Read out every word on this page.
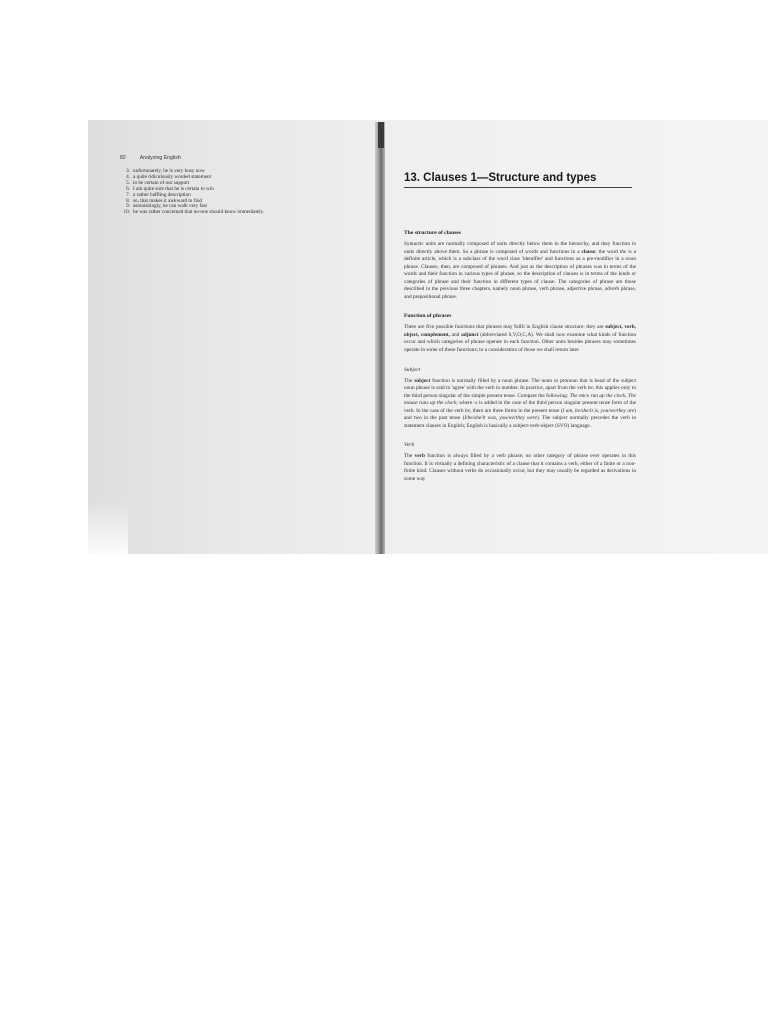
82	Analyzing English
3. unfortunately, he is very busy now
4. a quite ridiculously worded statement
5. to be certain of our support
6. I am quite sure that he is certain to win
7. a rather baffling description
8. so, that makes it awkward to find
9. astonishingly, he can walk very fast
10. he was rather concerned that no-one should know immediately.
13. Clauses 1—Structure and types
The structure of clauses

Syntactic units are normally composed of units directly below them in the hierarchy, and they function in units directly above them. So a phrase is composed of words and functions in a clause; the word the is a definite article, which is a subclass of the word class 'identifier' and functions as a pre-modifier in a noun phrase. Clauses, then, are composed of phrases. And just as the description of phrases was in terms of the words and their function in various types of phrase, so the description of clauses is in terms of the kinds or categories of phrase and their function in different types of clause. The categories of phrase are those described in the previous three chapters, namely noun phrase, verb phrase, adjective phrase, adverb phrase, and prepositional phrase.

Function of phrases

There are five possible functions that phrases may fulfil in English clause structure: they are subject, verb, object, complement, and adjunct (abbreviated S,V,O,C,A). We shall now examine what kinds of function occur and which categories of phrase operate in each function. Other units besides phrases may sometimes operate in some of these functions; to a consideration of those we shall return later.

Subject

The subject function is normally filled by a noun phrase. The noun or pronoun that is head of the subject noun phrase is said to 'agree' with the verb in number. In practice, apart from the verb be, this applies only to the third person singular of the simple present tense. Compare the following: The mice run up the clock, The mouse runs up the clock; where -s is added in the case of the third person singular present tense form of the verb. In the case of the verb be, there are three forms in the present tense (I am, he/she/it is, you/we/they are) and two in the past tense (I/he/she/it was, you/we/they were). The subject normally precedes the verb in statement clauses in English; English is basically a subject-verb-object (SVO) language.

Verb

The verb function is always filled by a verb phrase; no other category of phrase ever operates in this function. It is virtually a defining characteristic of a clause that it contains a verb, either of a finite or a non-finite kind. Clauses without verbs do occasionally occur, but they may usually be regarded as derivations in some way
